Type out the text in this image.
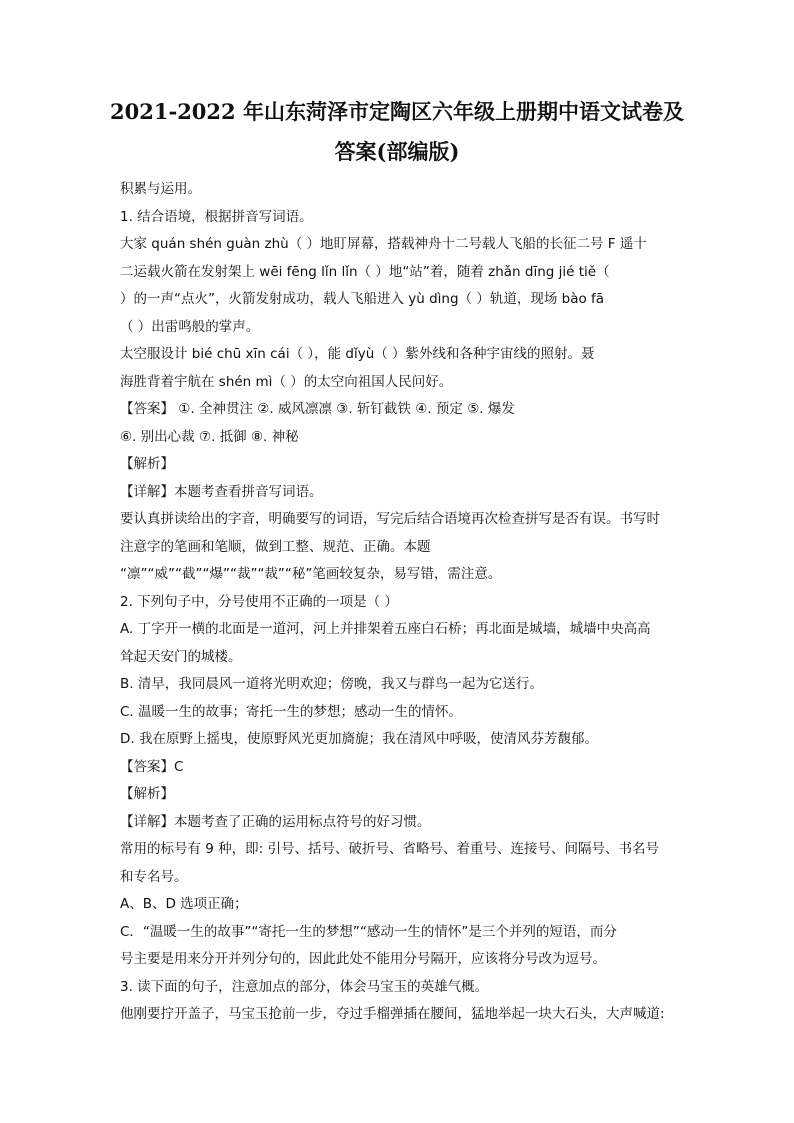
2021-2022 年山东菏泽市定陶区六年级上册期中语文试卷及
答案(部编版)
积累与运用。
1. 结合语境，根据拼音写词语。
大家 quán shén guàn zhù（ ）地盯屏幕，搭载神舟十二号载人飞船的长征二号 F 遥十
二运载火箭在发射架上 wēi fēng lǐn lǐn（ ）地“站”着，随着 zhǎn dīng jié tiě（
）的一声“点火”，火箭发射成功，载人飞船进入 yù dìng（ ）轨道，现场 bào fā
（ ）出雷鸣般的掌声。
太空服设计 bié chū xīn cái（ ），能 dǐyù（ ）紫外线和各种宇宙线的照射。聂
海胜背着宇航在 shén mì（ ）的太空向祖国人民问好。
【答案】 ①. 全神贯注 ②. 威风凛凛 ③. 斩钉截铁 ④. 预定 ⑤. 爆发
⑥. 别出心裁 ⑦. 抵御 ⑧. 神秘
【解析】
【详解】本题考查看拼音写词语。
要认真拼读给出的字音，明确要写的词语，写完后结合语境再次检查拼写是否有误。书写时
注意字的笔画和笔顺，做到工整、规范、正确。本题
“凛”“威”“截”“爆”“裁”“裁”“秘”笔画较复杂，易写错，需注意。
2. 下列句子中，分号使用不正确的一项是（ ）
A. 丁字开一横的北面是一道河，河上并排架着五座白石桥；再北面是城墙，城墙中央高高
耸起天安门的城楼。
B. 清早，我同晨风一道将光明欢迎；傍晚，我又与群鸟一起为它送行。
C. 温暖一生的故事；寄托一生的梦想；感动一生的情怀。
D. 我在原野上摇曳，使原野风光更加旖旎；我在清风中呼吸，使清风芬芳馥郁。
【答案】C
【解析】
【详解】本题考查了正确的运用标点符号的好习惯。
常用的标号有 9 种，即: 引号、括号、破折号、省略号、着重号、连接号、间隔号、书名号
和专名号。
A、B、D 选项正确；
C．“温暖一生的故事”“寄托一生的梦想”“感动一生的情怀”是三个并列的短语，而分
号主要是用来分开并列分句的，因此此处不能用分号隔开，应该将分号改为逗号。
3. 读下面的句子，注意加点的部分，体会马宝玉的英雄气概。
他刚要拧开盖子，马宝玉抢前一步，夺过手榴弹插在腰间，猛地举起一块大石头，大声喊道:
